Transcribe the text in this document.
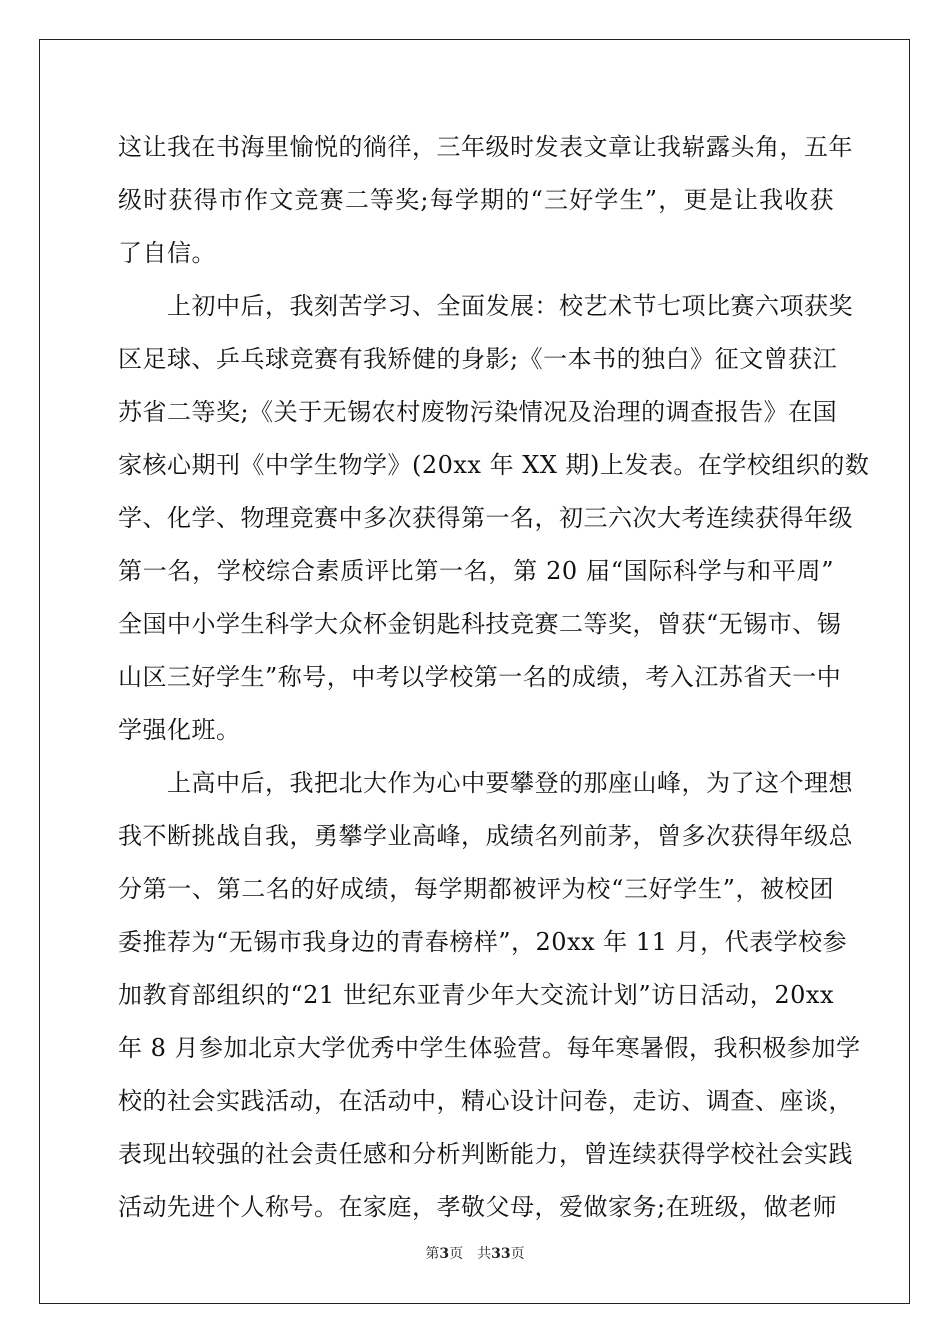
这让我在书海里愉悦的徜徉，三年级时发表文章让我崭露头角，五年
级时获得市作文竞赛二等奖;每学期的“三好学生”，更是让我收获
了自信。
　　上初中后，我刻苦学习、全面发展：校艺术节七项比赛六项获奖
区足球、乒乓球竞赛有我矫健的身影;《一本书的独白》征文曾获江
苏省二等奖;《关于无锡农村废物污染情况及治理的调查报告》在国
家核心期刊《中学生物学》(20xx 年 XX 期)上发表。在学校组织的数
学、化学、物理竞赛中多次获得第一名，初三六次大考连续获得年级
第一名，学校综合素质评比第一名，第 20 届“国际科学与和平周”
全国中小学生科学大众杯金钥匙科技竞赛二等奖，曾获“无锡市、锡
山区三好学生”称号，中考以学校第一名的成绩，考入江苏省天一中
学强化班。
　　上高中后，我把北大作为心中要攀登的那座山峰，为了这个理想
我不断挑战自我，勇攀学业高峰，成绩名列前茅，曾多次获得年级总
分第一、第二名的好成绩，每学期都被评为校“三好学生”，被校团
委推荐为“无锡市我身边的青春榜样”，20xx 年 11 月，代表学校参
加教育部组织的“21 世纪东亚青少年大交流计划”访日活动，20xx
年 8 月参加北京大学优秀中学生体验营。每年寒暑假，我积极参加学
校的社会实践活动，在活动中，精心设计问卷，走访、调查、座谈，
表现出较强的社会责任感和分析判断能力，曾连续获得学校社会实践
活动先进个人称号。在家庭，孝敬父母，爱做家务;在班级，做老师
第3页　共33页
